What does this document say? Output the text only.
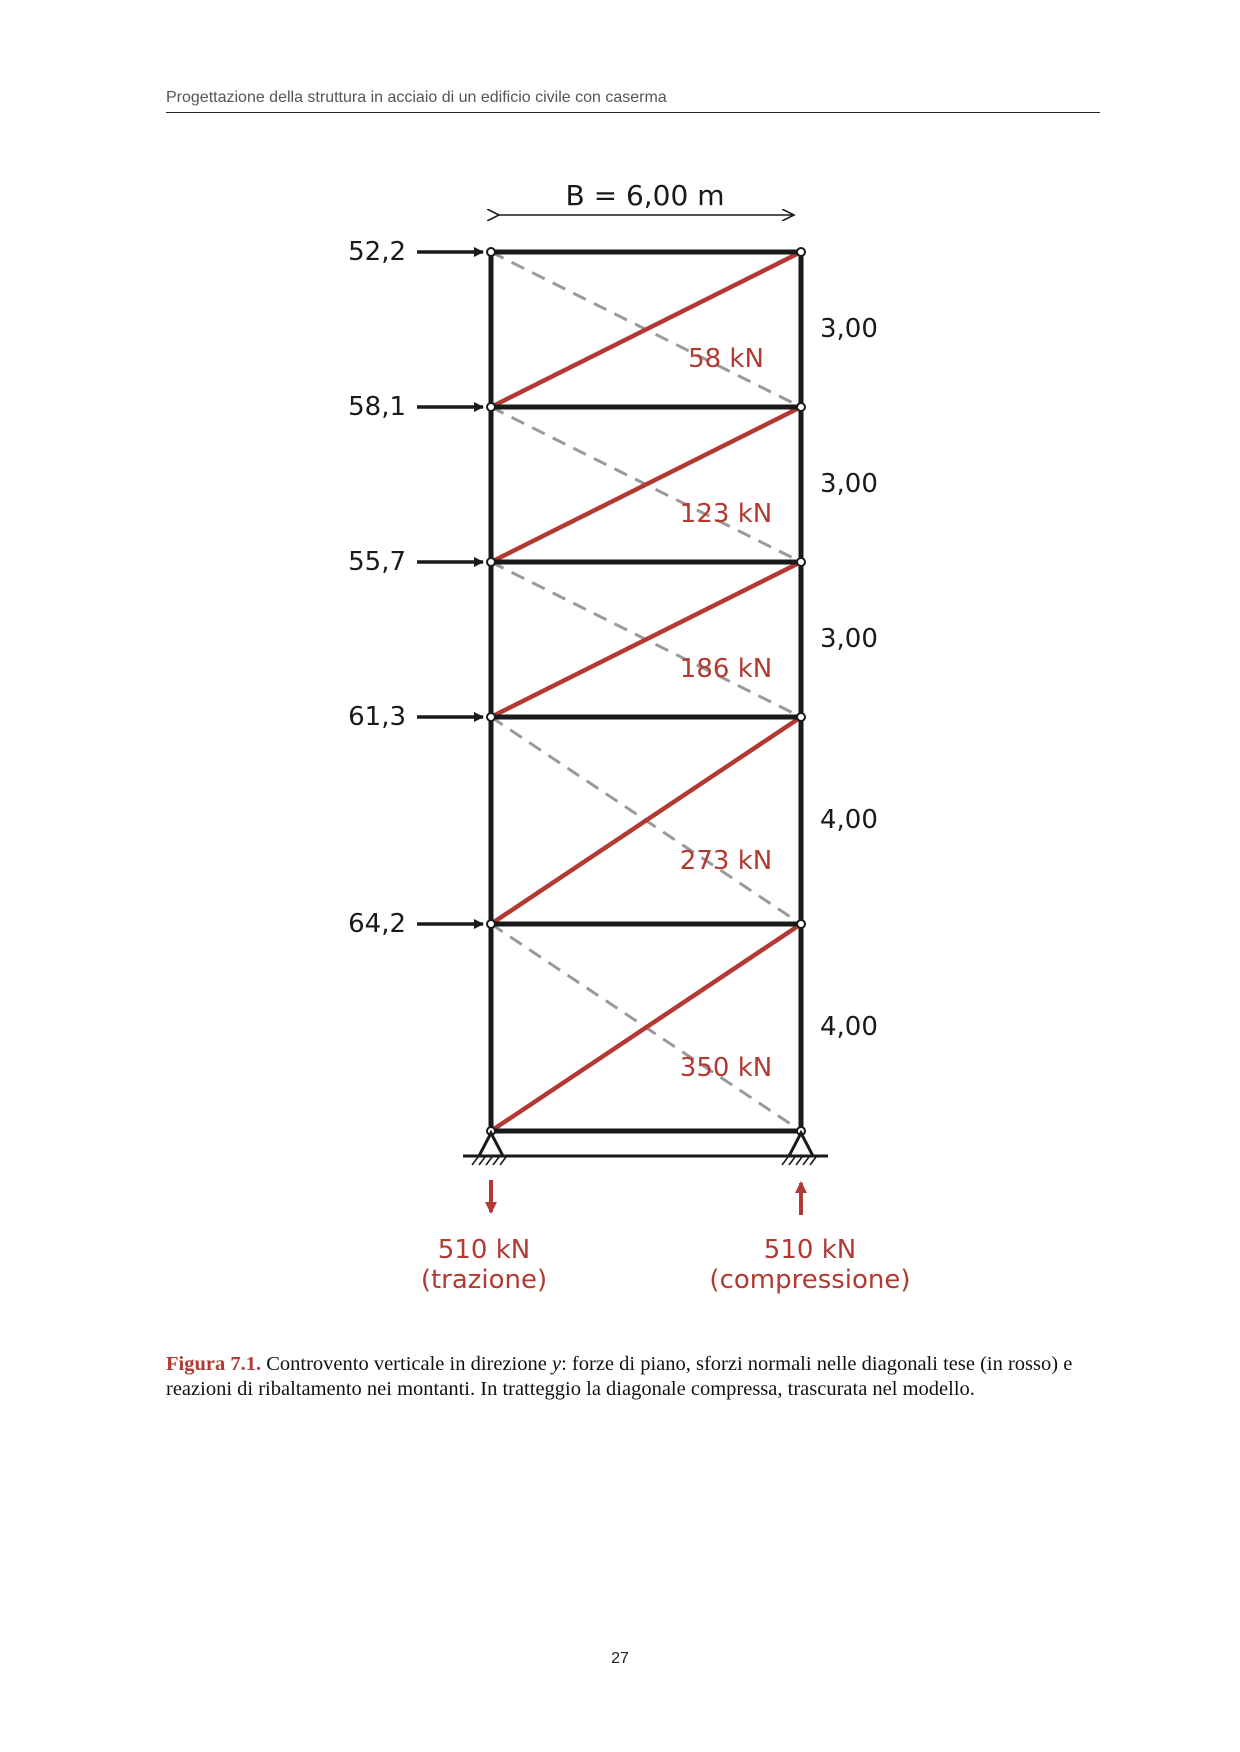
Progettazione della struttura in acciaio di un edificio civile con caserma
B = 6,00 m
52,2
58,1
55,7
61,3
64,2
3,00
3,00
3,00
4,00
4,00
58 kN
123 kN
186 kN
273 kN
350 kN
510 kN
(trazione)
510 kN
(compressione)
Figura 7.1. Controvento verticale in direzione y: forze di piano, sforzi normali nelle diagonali tese (in rosso) e reazioni di ribaltamento nei montanti. In tratteggio la diagonale compressa, trascurata nel modello.
27
